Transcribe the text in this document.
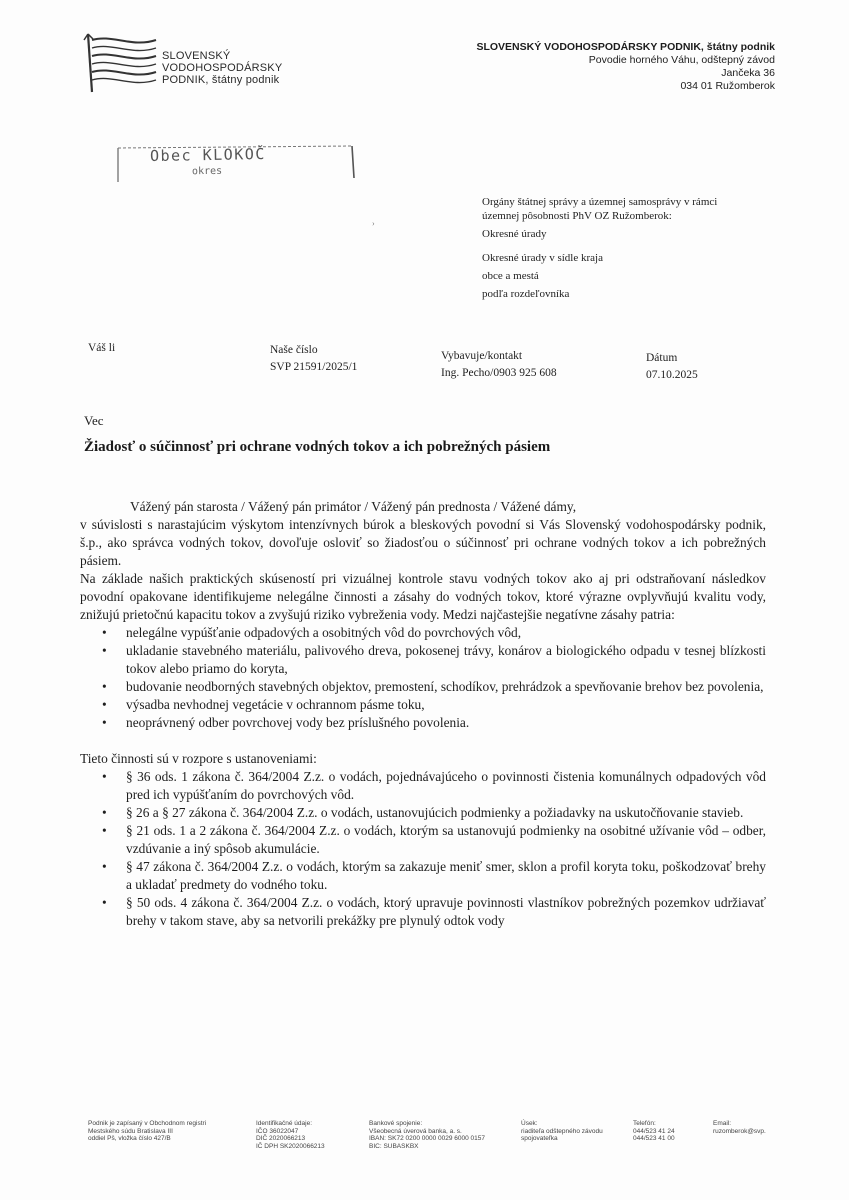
SLOVENSKÝ
VODOHOSPODÁRSKY
PODNIK, štátny podnik
SLOVENSKÝ VODOHOSPODÁRSKY PODNIK, štátny podnik
Povodie horného Váhu, odštepný závod
Jančeka 36
034 01 Ružomberok
Obec KLOKOČ
okres
›
Orgány štátnej správy a územnej samosprávy v rámci
územnej pôsobnosti PhV OZ Ružomberok:
Okresné úrady
Okresné úrady v sídle kraja
obce a mestá
podľa rozdeľovníka
Váš li	Naše číslo
SVP 21591/2025/1
Vybavuje/kontakt
Ing. Pecho/0903 925 608
Dátum
07.10.2025
Vec
Žiadosť o súčinnosť pri ochrane vodných tokov a ich pobrežných pásiem

Vážený pán starosta / Vážený pán primátor / Vážený pán prednosta / Vážené dámy,

v súvislosti s narastajúcim výskytom intenzívnych búrok a bleskových povodní si Vás Slovenský vodohospodársky podnik, š.p., ako správca vodných tokov, dovoľuje osloviť so žiadosťou o súčinnosť pri ochrane vodných tokov a ich pobrežných pásiem.

Na základe našich praktických skúseností pri vizuálnej kontrole stavu vodných tokov ako aj pri odstraňovaní následkov povodní opakovane identifikujeme nelegálne činnosti a zásahy do vodných tokov, ktoré výrazne ovplyvňujú kvalitu vody, znižujú prietočnú kapacitu tokov a zvyšujú riziko vybreženia vody. Medzi najčastejšie negatívne zásahy patria:

• nelegálne vypúšťanie odpadových a osobitných vôd do povrchových vôd,
• ukladanie stavebného materiálu, palivového dreva, pokosenej trávy, konárov a biologického odpadu v tesnej blízkosti tokov alebo priamo do koryta,
• budovanie neodborných stavebných objektov, premostení, schodíkov, prehrádzok a spevňovanie brehov bez povolenia,
• výsadba nevhodnej vegetácie v ochrannom pásme toku,
• neoprávnený odber povrchovej vody bez príslušného povolenia.

Tieto činnosti sú v rozpore s ustanoveniami:

• § 36 ods. 1 zákona č. 364/2004 Z.z. o vodách, pojednávajúceho o povinnosti čistenia komunálnych odpadových vôd pred ich vypúšťaním do povrchových vôd.
• § 26 a § 27 zákona č. 364/2004 Z.z. o vodách, ustanovujúcich podmienky a požiadavky na uskutočňovanie stavieb.
• § 21 ods. 1 a 2 zákona č. 364/2004 Z.z. o vodách, ktorým sa ustanovujú podmienky na osobitné užívanie vôd – odber, vzdúvanie a iný spôsob akumulácie.
• § 47 zákona č. 364/2004 Z.z. o vodách, ktorým sa zakazuje meniť smer, sklon a profil koryta toku, poškodzovať brehy a ukladať predmety do vodného toku.
• § 50 ods. 4 zákona č. 364/2004 Z.z. o vodách, ktorý upravuje povinnosti vlastníkov pobrežných pozemkov udržiavať brehy v takom stave, aby sa netvorili prekážky pre plynulý odtok vody
Podnik je zapísaný v Obchodnom registri
Mestského súdu Bratislava III
oddiel Pš, vložka číslo 427/B
Identifikačné údaje:
IČO 36022047
DIČ 2020066213
IČ DPH SK2020066213
Bankové spojenie:
Všeobecná úverová banka, a. s.
IBAN: SK72 0200 0000 0029 6000 0157
BIC: SUBASKBX
Úsek:
riaditeľa odštepného závodu
spojovateľka
Telefón:
044/523 41 24
044/523 41 00
Email:
ruzomberok@svp.
